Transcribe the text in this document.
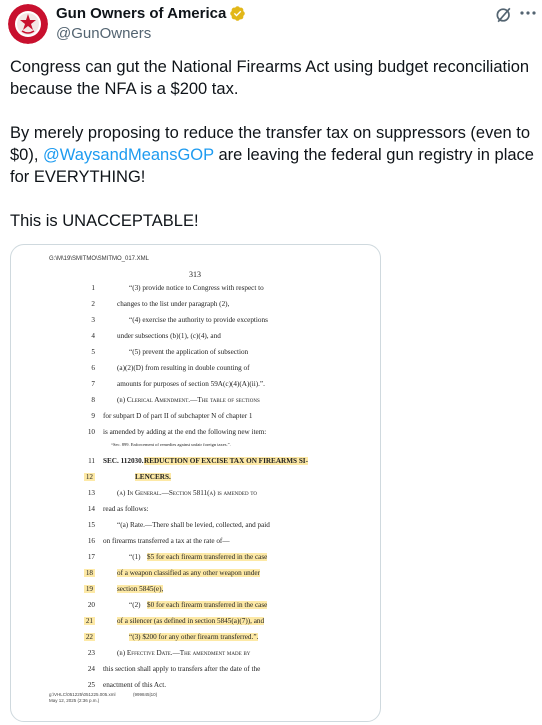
Gun Owners of America
@GunOwners

Congress can gut the National Firearms Act using budget reconciliation because the NFA is a $200 tax.

By merely proposing to reduce the transfer tax on suppressors (even to $0), @WaysandMeansGOP are leaving the federal gun registry in place for EVERYTHING!

This is UNACCEPTABLE!

G:\M\19\SMITMO\SMITMO_017.XML
313
1	“(3) provide notice to Congress with respect to
2	changes to the list under paragraph (2),
3	“(4) exercise the authority to provide exceptions
4	under subsections (b)(1), (c)(4), and
5	“(5) prevent the application of subsection
6	(a)(2)(D) from resulting in double counting of
7	amounts for purposes of section 59A(c)(4)(A)(ii).”.
8	(b) Clerical Amendment.—The table of sections
9 for subpart D of part II of subchapter N of chapter 1
10 is amended by adding at the end the following new item:
“Sec. 899. Enforcement of remedies against unfair foreign taxes.”.
11 SEC. 112030. REDUCTION OF EXCISE TAX ON FIREARMS SI-
12	LENCERS.
13	(a) In General.—Section 5811(a) is amended to
14 read as follows:
15	“(a) Rate.—There shall be levied, collected, and paid
16 on firearms transferred a tax at the rate of—
17	“(1) $5 for each firearm transferred in the case
18	of a weapon classified as any other weapon under
19	section 5845(e),
20	“(2) $0 for each firearm transferred in the case
21	of a silencer (as defined in section 5845(a)(7)), and
22	“(3) $200 for any other firearm transferred.”.
23	(b) Effective Date.—The amendment made by
24 this section shall apply to transfers after the date of the
25 enactment of this Act.
g:\VHLC\051225\051225.005.xml
May 12, 2025 (2:36 p.m.)
(999845|10)
